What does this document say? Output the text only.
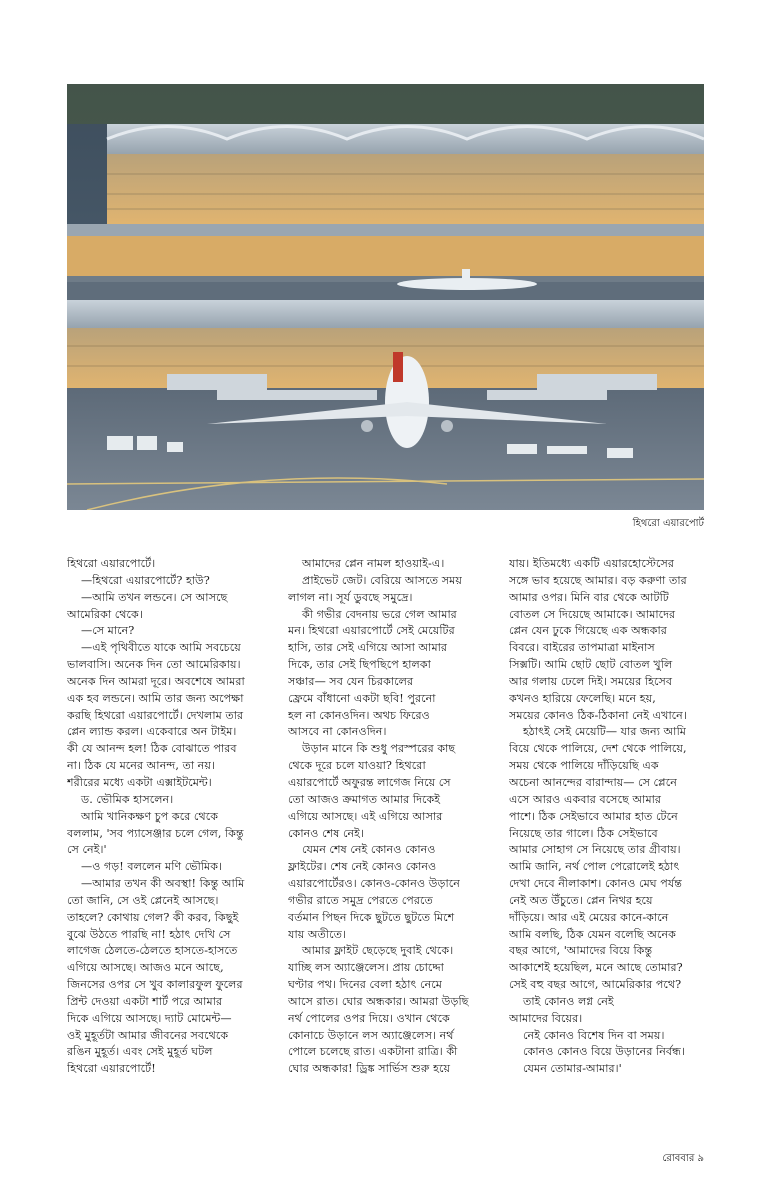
হিথরো এয়ারপোর্ট

হিথরো এয়ারপোর্টে।

—হিথরো এয়ারপোর্টে? হাউ?

—আমি তখন লন্ডনে। সে আসছে

আমেরিকা থেকে।

—সে মানে?

—এই পৃথিবীতে যাকে আমি সবচেয়ে

ভালবাসি। অনেক দিন তো আমেরিকায়।

অনেক দিন আমরা দূরে। অবশেষে আমরা

এক হব লন্ডনে। আমি তার জন্য অপেক্ষা

করছি হিথরো এয়ারপোর্টে। দেখলাম তার

প্লেন ল্যান্ড করল। একেবারে অন টাইম।

কী যে আনন্দ হল! ঠিক বোঝাতে পারব

না। ঠিক যে মনের আনন্দ, তা নয়।

শরীরের মধ্যে একটা এক্সাইটমেন্ট।

ড. ভৌমিক হাসলেন।

আমি খানিকক্ষণ চুপ করে থেকে

বললাম, 'সব প্যাসেঞ্জার চলে গেল, কিন্তু

সে নেই।'

—ও গড়! বললেন মণি ভৌমিক।

—আমার তখন কী অবস্থা! কিন্তু আমি

তো জানি, সে ওই প্লেনেই আসছে।

তাহলে? কোথায় গেল? কী করব, কিছুই

বুঝে উঠতে পারছি না! হঠাৎ দেখি সে

লাগেজ ঠেলতে-ঠেলতে হাসতে-হাসতে

এগিয়ে আসছে। আজও মনে আছে,

জিনসের ওপর সে খুব কালারফুল ফুলের

প্রিন্ট দেওয়া একটা শার্ট পরে আমার

দিকে এগিয়ে আসছে। দ্যাট মোমেন্ট—

ওই মুহূর্তটা আমার জীবনের সবথেকে

রঙিন মুহূর্ত। এবং সেই মুহূর্ত ঘটল

হিথরো এয়ারপোর্টে!

আমাদের প্লেন নামল হাওয়াই-এ।

প্রাইভেট জেট। বেরিয়ে আসতে সময়

লাগল না। সূর্য ডুবছে সমুদ্রে।

কী গভীর বেদনায় ভরে গেল আমার

মন। হিথরো এয়ারপোর্টে সেই মেয়েটির

হাসি, তার সেই এগিয়ে আসা আমার

দিকে, তার সেই ছিপছিপে হালকা

সঞ্চার— সব যেন চিরকালের

ফ্রেমে বাঁধানো একটা ছবি! পুরনো

হল না কোনওদিন। অথচ ফিরেও

আসবে না কোনওদিন।

উড়ান মানে কি শুধু পরস্পরের কাছ

থেকে দূরে চলে যাওয়া? হিথরো

এয়ারপোর্টে অফুরন্ত লাগেজ নিয়ে সে

তো আজও ক্রমাগত আমার দিকেই

এগিয়ে আসছে। এই এগিয়ে আসার

কোনও শেষ নেই।

যেমন শেষ নেই কোনও কোনও

ফ্লাইটের। শেষ নেই কোনও কোনও

এয়ারপোর্টেরও। কোনও-কোনও উড়ানে

গভীর রাতে সমুদ্র পেরতে পেরতে

বর্তমান পিছন দিকে ছুটতে ছুটতে মিশে

যায় অতীতে।

আমার ফ্লাইট ছেড়েছে দুবাই থেকে।

যাচ্ছি লস অ্যাঞ্জেলেস। প্রায় চোদ্দো

ঘণ্টার পথ। দিনের বেলা হঠাৎ নেমে

আসে রাত। ঘোর অন্ধকার। আমরা উড়ছি

নর্থ পোলের ওপর দিয়ে। ওখান থেকে

কোনাচে উড়ানে লস অ্যাঞ্জেলেস। নর্থ

পোলে চলেছে রাত। একটানা রাত্রি। কী

ঘোর অন্ধকার! ড্রিঙ্ক সার্ভিস শুরু হয়ে

যায়। ইতিমধ্যে একটি এয়ারহোস্টেসের

সঙ্গে ভাব হয়েছে আমার। বড় করুণা তার

আমার ওপর। মিনি বার থেকে আটটি

বোতল সে দিয়েছে আমাকে। আমাদের

প্লেন যেন ঢুকে গিয়েছে এক অন্ধকার

বিবরে। বাইরের তাপমাত্রা মাইনাস

সিক্সটি। আমি ছোট ছোট বোতল খুলি

আর গলায় ঢেলে দিই। সময়ের হিসেব

কখনও হারিয়ে ফেলেছি। মনে হয়,

সময়ের কোনও ঠিক-ঠিকানা নেই এখানে।

হঠাৎই সেই মেয়েটি— যার জন্য আমি

বিয়ে থেকে পালিয়ে, দেশ থেকে পালিয়ে,

সময় থেকে পালিয়ে দাঁড়িয়েছি এক

অচেনা আনন্দের বারান্দায়— সে প্লেনে

এসে আরও একবার বসেছে আমার

পাশে। ঠিক সেইভাবে আমার হাত টেনে

নিয়েছে তার গালে। ঠিক সেইভাবে

আমার সোহাগ সে নিয়েছে তার গ্রীবায়।

আমি জানি, নর্থ পোল পেরোলেই হঠাৎ

দেখা দেবে নীলাকাশ। কোনও মেঘ পর্যন্ত

নেই অত উঁচুতে। প্লেন নিথর হয়ে

দাঁড়িয়ে। আর এই মেয়ের কানে-কানে

আমি বলছি, ঠিক যেমন বলেছি অনেক

বছর আগে, 'আমাদের বিয়ে কিন্তু

আকাশেই হয়েছিল, মনে আছে তোমার?

সেই বহু বছর আগে, আমেরিকার পথে?

তাই কোনও লগ্ন নেই

আমাদের বিয়ের।

নেই কোনও বিশেষ দিন বা সময়।

কোনও কোনও বিয়ে উড়ানের নির্বন্ধ।

যেমন তোমার-আমার।'

রোববার ৯
